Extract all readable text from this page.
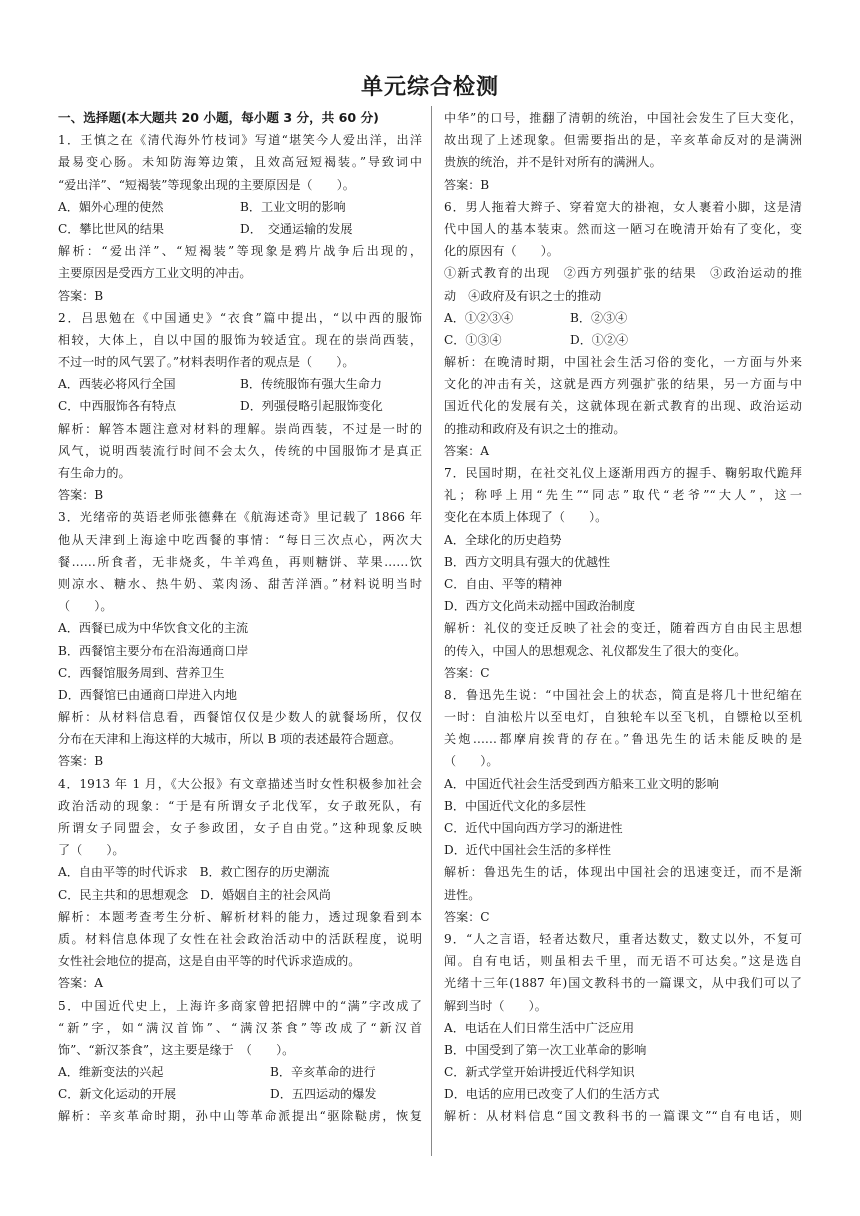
单元综合检测
一、选择题(本大题共 20 小题，每小题 3 分，共 60 分)
1．王慎之在《清代海外竹枝词》写道“堪笑今人爱出洋，出洋
最易变心肠。未知防海筹边策，且效高冠短褐装。”导致词中
“爱出洋”、“短褐装”等现象出现的主要原因是（　　）。
A．媚外心理的使然	B．工业文明的影响
C．攀比世风的结果	D．　交通运输的发展
解析：“爱出洋”、“短褐装”等现象是鸦片战争后出现的，
主要原因是受西方工业文明的冲击。
答案：B
2．吕思勉在《中国通史》“衣食”篇中提出，“以中西的服饰
相较，大体上，自以中国的服饰为较适宜。现在的崇尚西装，
不过一时的风气罢了。”材料表明作者的观点是（　　）。
A．西装必将风行全国	B．传统服饰有强大生命力
C．中西服饰各有特点	D．列强侵略引起服饰变化
解析：解答本题注意对材料的理解。崇尚西装，不过是一时的
风气，说明西装流行时间不会太久，传统的中国服饰才是真正
有生命力的。
答案：B
3．光绪帝的英语老师张德彝在《航海述奇》里记载了 1866 年
他从天津到上海途中吃西餐的事情：“每日三次点心，两次大
餐……所食者，无非烧炙，牛羊鸡鱼，再则糖饼、苹果……饮
则凉水、糖水、热牛奶、菜肉汤、甜苦洋酒。”材料说明当时
（　　）。
A．西餐已成为中华饮食文化的主流
B．西餐馆主要分布在沿海通商口岸
C．西餐馆服务周到、营养卫生
D．西餐馆已由通商口岸进入内地
解析：从材料信息看，西餐馆仅仅是少数人的就餐场所，仅仅
分布在天津和上海这样的大城市，所以 B 项的表述最符合题意。
答案：B
4．1913 年 1 月，《大公报》有文章描述当时女性积极参加社会
政治活动的现象：“于是有所谓女子北伐军，女子敢死队，有
所谓女子同盟会，女子参政团，女子自由党。”这种现象反映
了（　　）。
A．自由平等的时代诉求 B．救亡图存的历史潮流
C．民主共和的思想观念 D．婚姻自主的社会风尚
解析：本题考查考生分析、解析材料的能力，透过现象看到本
质。材料信息体现了女性在社会政治活动中的活跃程度，说明
女性社会地位的提高，这是自由平等的时代诉求造成的。
答案：A
5．中国近代史上，上海许多商家曾把招牌中的“满”字改成了
“新”字，如“满汉首饰”、“满汉茶食”等改成了“新汉首
饰”、“新汉茶食”，这主要是缘于　（　　）。
A．维新变法的兴起	B．辛亥革命的进行
C．新文化运动的开展	D．五四运动的爆发
解析：辛亥革命时期，孙中山等革命派提出“驱除鞑虏，恢复
中华”的口号，推翻了清朝的统治，中国社会发生了巨大变化，
故出现了上述现象。但需要指出的是，辛亥革命反对的是满洲
贵族的统治，并不是针对所有的满洲人。
答案：B
6．男人拖着大辫子、穿着宽大的褂袍，女人裹着小脚，这是清
代中国人的基本装束。然而这一陋习在晚清开始有了变化，变
化的原因有（　　）。
①新式教育的出现　②西方列强扩张的结果　③政治运动的推
动　④政府及有识之士的推动
A．①②③④	B．②③④
C．①③④	D．①②④
解析：在晚清时期，中国社会生活习俗的变化，一方面与外来
文化的冲击有关，这就是西方列强扩张的结果，另一方面与中
国近代化的发展有关，这就体现在新式教育的出现、政治运动
的推动和政府及有识之士的推动。
答案：A
7．民国时期，在社交礼仪上逐渐用西方的握手、鞠躬取代跪拜
礼；称呼上用“先生”“同志”取代“老爷”“大人”，这一
变化在本质上体现了（　　）。
A．全球化的历史趋势
B．西方文明具有强大的优越性
C．自由、平等的精神
D．西方文化尚未动摇中国政治制度
解析：礼仪的变迁反映了社会的变迁，随着西方自由民主思想
的传入，中国人的思想观念、礼仪都发生了很大的变化。
答案：C
8．鲁迅先生说：“中国社会上的状态，简直是将几十世纪缩在
一时：自油松片以至电灯，自独轮车以至飞机，自镖枪以至机
关炮……都摩肩挨背的存在。”鲁迅先生的话未能反映的是
（　　）。
A．中国近代社会生活受到西方船来工业文明的影响
B．中国近代文化的多层性
C．近代中国向西方学习的渐进性
D．近代中国社会生活的多样性
解析：鲁迅先生的话，体现出中国社会的迅速变迁，而不是渐
进性。
答案：C
9．“人之言语，轻者达数尺，重者达数丈，数丈以外，不复可
闻。自有电话，则虽相去千里，而无语不可达矣。”这是选自
光绪十三年(1887 年)国文教科书的一篇课文，从中我们可以了
解到当时（　　）。
A．电话在人们日常生活中广泛应用
B．中国受到了第一次工业革命的影响
C．新式学堂开始讲授近代科学知识
D．电话的应用已改变了人们的生活方式
解析：从材料信息“国文教科书的一篇课文”“自有电话，则
